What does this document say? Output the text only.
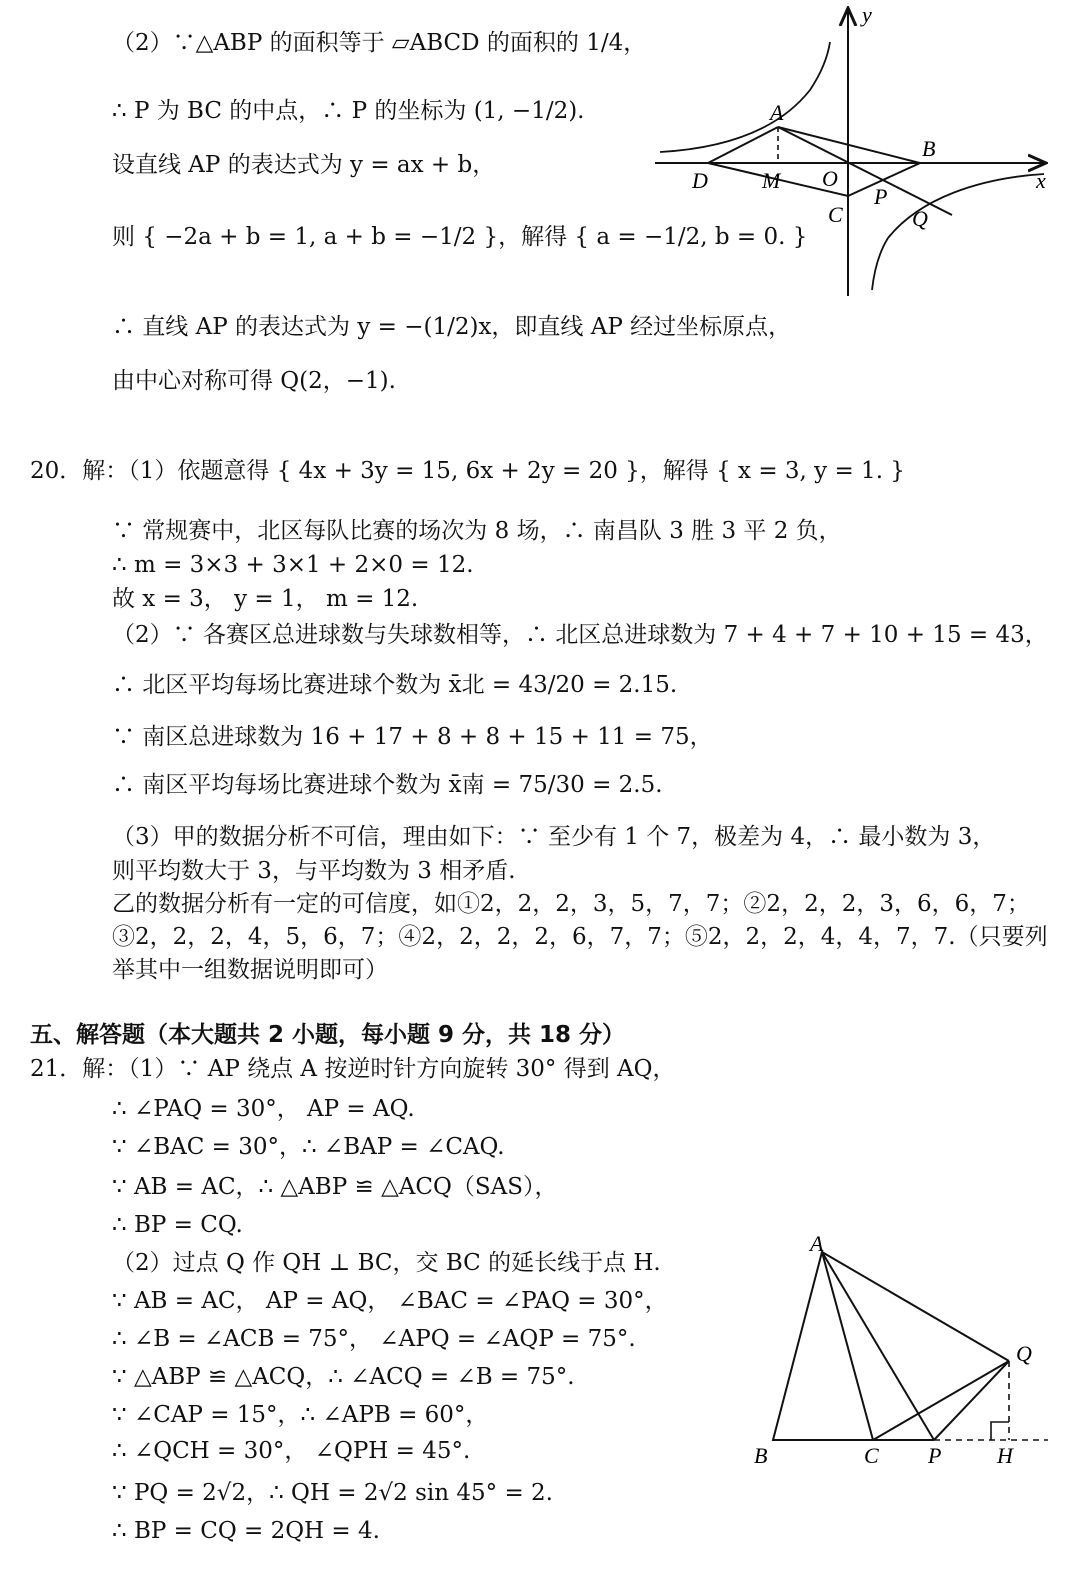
（2）∵△ABP 的面积等于 ▱ABCD 的面积的 1/4，
∴ P 为 BC 的中点，∴ P 的坐标为 (1, −1/2).
设直线 AP 的表达式为 y = ax + b，
则 { −2a + b = 1, a + b = −1/2 }，解得 { a = −1/2, b = 0. }
∴ 直线 AP 的表达式为 y = −(1/2)x，即直线 AP 经过坐标原点，
由中心对称可得 Q(2，−1).
y
x
A
B
D M O
C
P
Q
20．解：（1）依题意得 { 4x + 3y = 15, 6x + 2y = 20 }，解得 { x = 3, y = 1. }
∵ 常规赛中，北区每队比赛的场次为 8 场，∴ 南昌队 3 胜 3 平 2 负，
∴ m = 3×3 + 3×1 + 2×0 = 12.
故 x = 3， y = 1， m = 12.
（2）∵ 各赛区总进球数与失球数相等，∴ 北区总进球数为 7 + 4 + 7 + 10 + 15 = 43，
∴ 北区平均每场比赛进球个数为 x̄北 = 43/20 = 2.15.
∵ 南区总进球数为 16 + 17 + 8 + 8 + 15 + 11 = 75，
∴ 南区平均每场比赛进球个数为 x̄南 = 75/30 = 2.5.
（3）甲的数据分析不可信，理由如下：∵ 至少有 1 个 7，极差为 4，∴ 最小数为 3，
则平均数大于 3，与平均数为 3 相矛盾.
乙的数据分析有一定的可信度，如①2，2，2，3，5，7，7；②2，2，2，3，6，6，7；
③2，2，2，4，5，6，7；④2，2，2，2，6，7，7；⑤2，2，2，4，4，7，7.（只要列
举其中一组数据说明即可）
五、解答题（本大题共 2 小题，每小题 9 分，共 18 分）
21．解：（1）∵ AP 绕点 A 按逆时针方向旋转 30° 得到 AQ，
∴ ∠PAQ = 30°， AP = AQ.
∵ ∠BAC = 30°，∴ ∠BAP = ∠CAQ.
∵ AB = AC，∴ △ABP ≌ △ACQ（SAS），
∴ BP = CQ.
（2）过点 Q 作 QH ⊥ BC，交 BC 的延长线于点 H.
∵ AB = AC， AP = AQ， ∠BAC = ∠PAQ = 30°，
∴ ∠B = ∠ACB = 75°， ∠APQ = ∠AQP = 75°.
∵ △ABP ≌ △ACQ，∴ ∠ACQ = ∠B = 75°.
∵ ∠CAP = 15°，∴ ∠APB = 60°，
∴ ∠QCH = 30°， ∠QPH = 45°.
∵ PQ = 2√2，∴ QH = 2√2 sin 45° = 2.
∴ BP = CQ = 2QH = 4.
A
Q
B	C P	H
